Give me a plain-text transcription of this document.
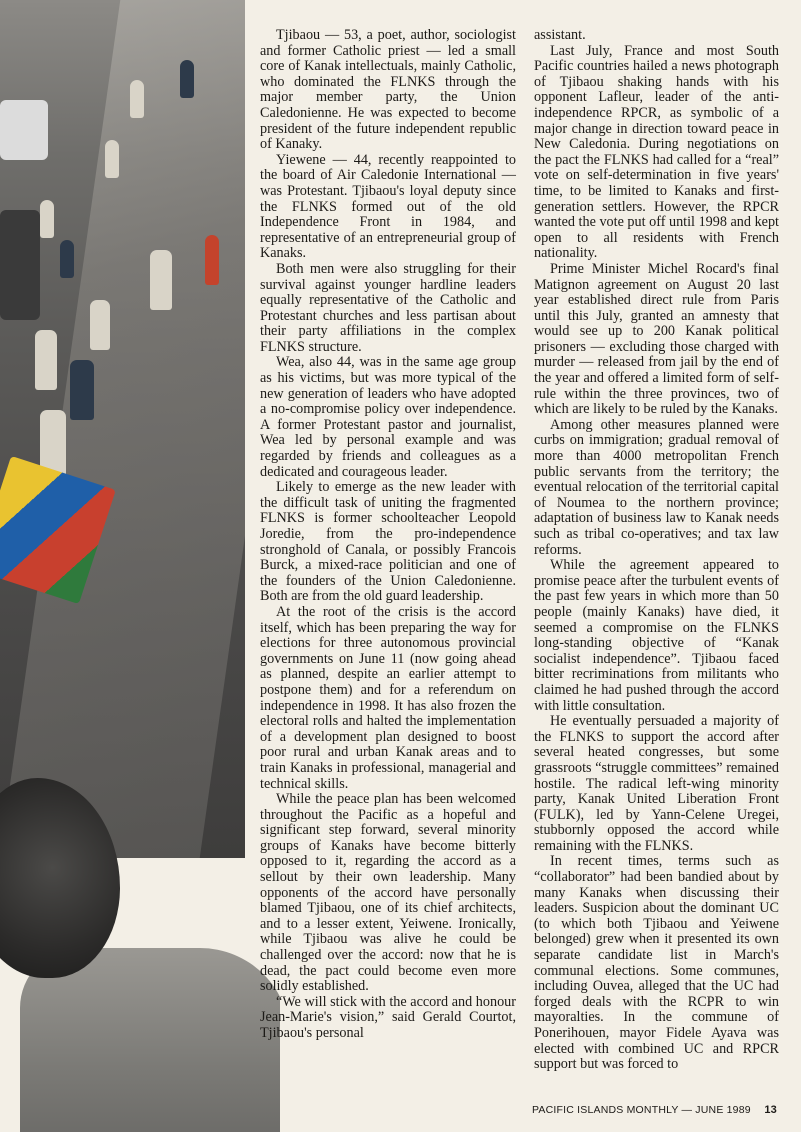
Tjibaou — 53, a poet, author, sociologist and former Catholic priest — led a small core of Kanak intellectuals, mainly Catholic, who dominated the FLNKS through the major member party, the Union Caledonienne. He was expected to become president of the future independent republic of Kanaky.

Yiewene — 44, recently reappointed to the board of Air Caledonie International — was Protestant. Tjibaou's loyal deputy since the FLNKS formed out of the old Independence Front in 1984, and representative of an entrepreneurial group of Kanaks.

Both men were also struggling for their survival against younger hardline leaders equally representative of the Catholic and Protestant churches and less partisan about their party affiliations in the complex FLNKS structure.

Wea, also 44, was in the same age group as his victims, but was more typical of the new generation of leaders who have adopted a no-compromise policy over independence. A former Protestant pastor and journalist, Wea led by personal example and was regarded by friends and colleagues as a dedicated and courageous leader.

Likely to emerge as the new leader with the difficult task of uniting the fragmented FLNKS is former schoolteacher Leopold Joredie, from the pro-independence stronghold of Canala, or possibly Francois Burck, a mixed-race politician and one of the founders of the Union Caledonienne. Both are from the old guard leadership.

At the root of the crisis is the accord itself, which has been preparing the way for elections for three autonomous provincial governments on June 11 (now going ahead as planned, despite an earlier attempt to postpone them) and for a referendum on independence in 1998. It has also frozen the electoral rolls and halted the implementation of a development plan designed to boost poor rural and urban Kanak areas and to train Kanaks in professional, managerial and technical skills.

While the peace plan has been welcomed throughout the Pacific as a hopeful and significant step forward, several minority groups of Kanaks have become bitterly opposed to it, regarding the accord as a sellout by their own leadership. Many opponents of the accord have personally blamed Tjibaou, one of its chief architects, and to a lesser extent, Yeiwene. Ironically, while Tjibaou was alive he could be challenged over the accord: now that he is dead, the pact could become even more solidly established.

“We will stick with the accord and honour Jean-Marie's vision,” said Gerald Courtot, Tjibaou's personal

assistant.

Last July, France and most South Pacific countries hailed a news photograph of Tjibaou shaking hands with his opponent Lafleur, leader of the anti-independence RPCR, as symbolic of a major change in direction toward peace in New Caledonia. During negotiations on the pact the FLNKS had called for a “real” vote on self-determination in five years' time, to be limited to Kanaks and first-generation settlers. However, the RPCR wanted the vote put off until 1998 and kept open to all residents with French nationality.

Prime Minister Michel Rocard's final Matignon agreement on August 20 last year established direct rule from Paris until this July, granted an amnesty that would see up to 200 Kanak political prisoners — excluding those charged with murder — released from jail by the end of the year and offered a limited form of self-rule within the three provinces, two of which are likely to be ruled by the Kanaks.

Among other measures planned were curbs on immigration; gradual removal of more than 4000 metropolitan French public servants from the territory; the eventual relocation of the territorial capital of Noumea to the northern province; adaptation of business law to Kanak needs such as tribal co-operatives; and tax law reforms.

While the agreement appeared to promise peace after the turbulent events of the past few years in which more than 50 people (mainly Kanaks) have died, it seemed a compromise on the FLNKS long-standing objective of “Kanak socialist independence”. Tjibaou faced bitter recriminations from militants who claimed he had pushed through the accord with little consultation.

He eventually persuaded a majority of the FLNKS to support the accord after several heated congresses, but some grassroots “struggle committees” remained hostile. The radical left-wing minority party, Kanak United Liberation Front (FULK), led by Yann-Celene Uregei, stubbornly opposed the accord while remaining with the FLNKS.

In recent times, terms such as “collaborator” had been bandied about by many Kanaks when discussing their leaders. Suspicion about the dominant UC (to which both Tjibaou and Yeiwene belonged) grew when it presented its own separate candidate list in March's communal elections. Some communes, including Ouvea, alleged that the UC had forged deals with the RCPR to win mayoralties. In the commune of Ponerihouen, mayor Fidele Ayava was elected with combined UC and RPCR support but was forced to

PACIFIC ISLANDS MONTHLY — JUNE 1989 13
